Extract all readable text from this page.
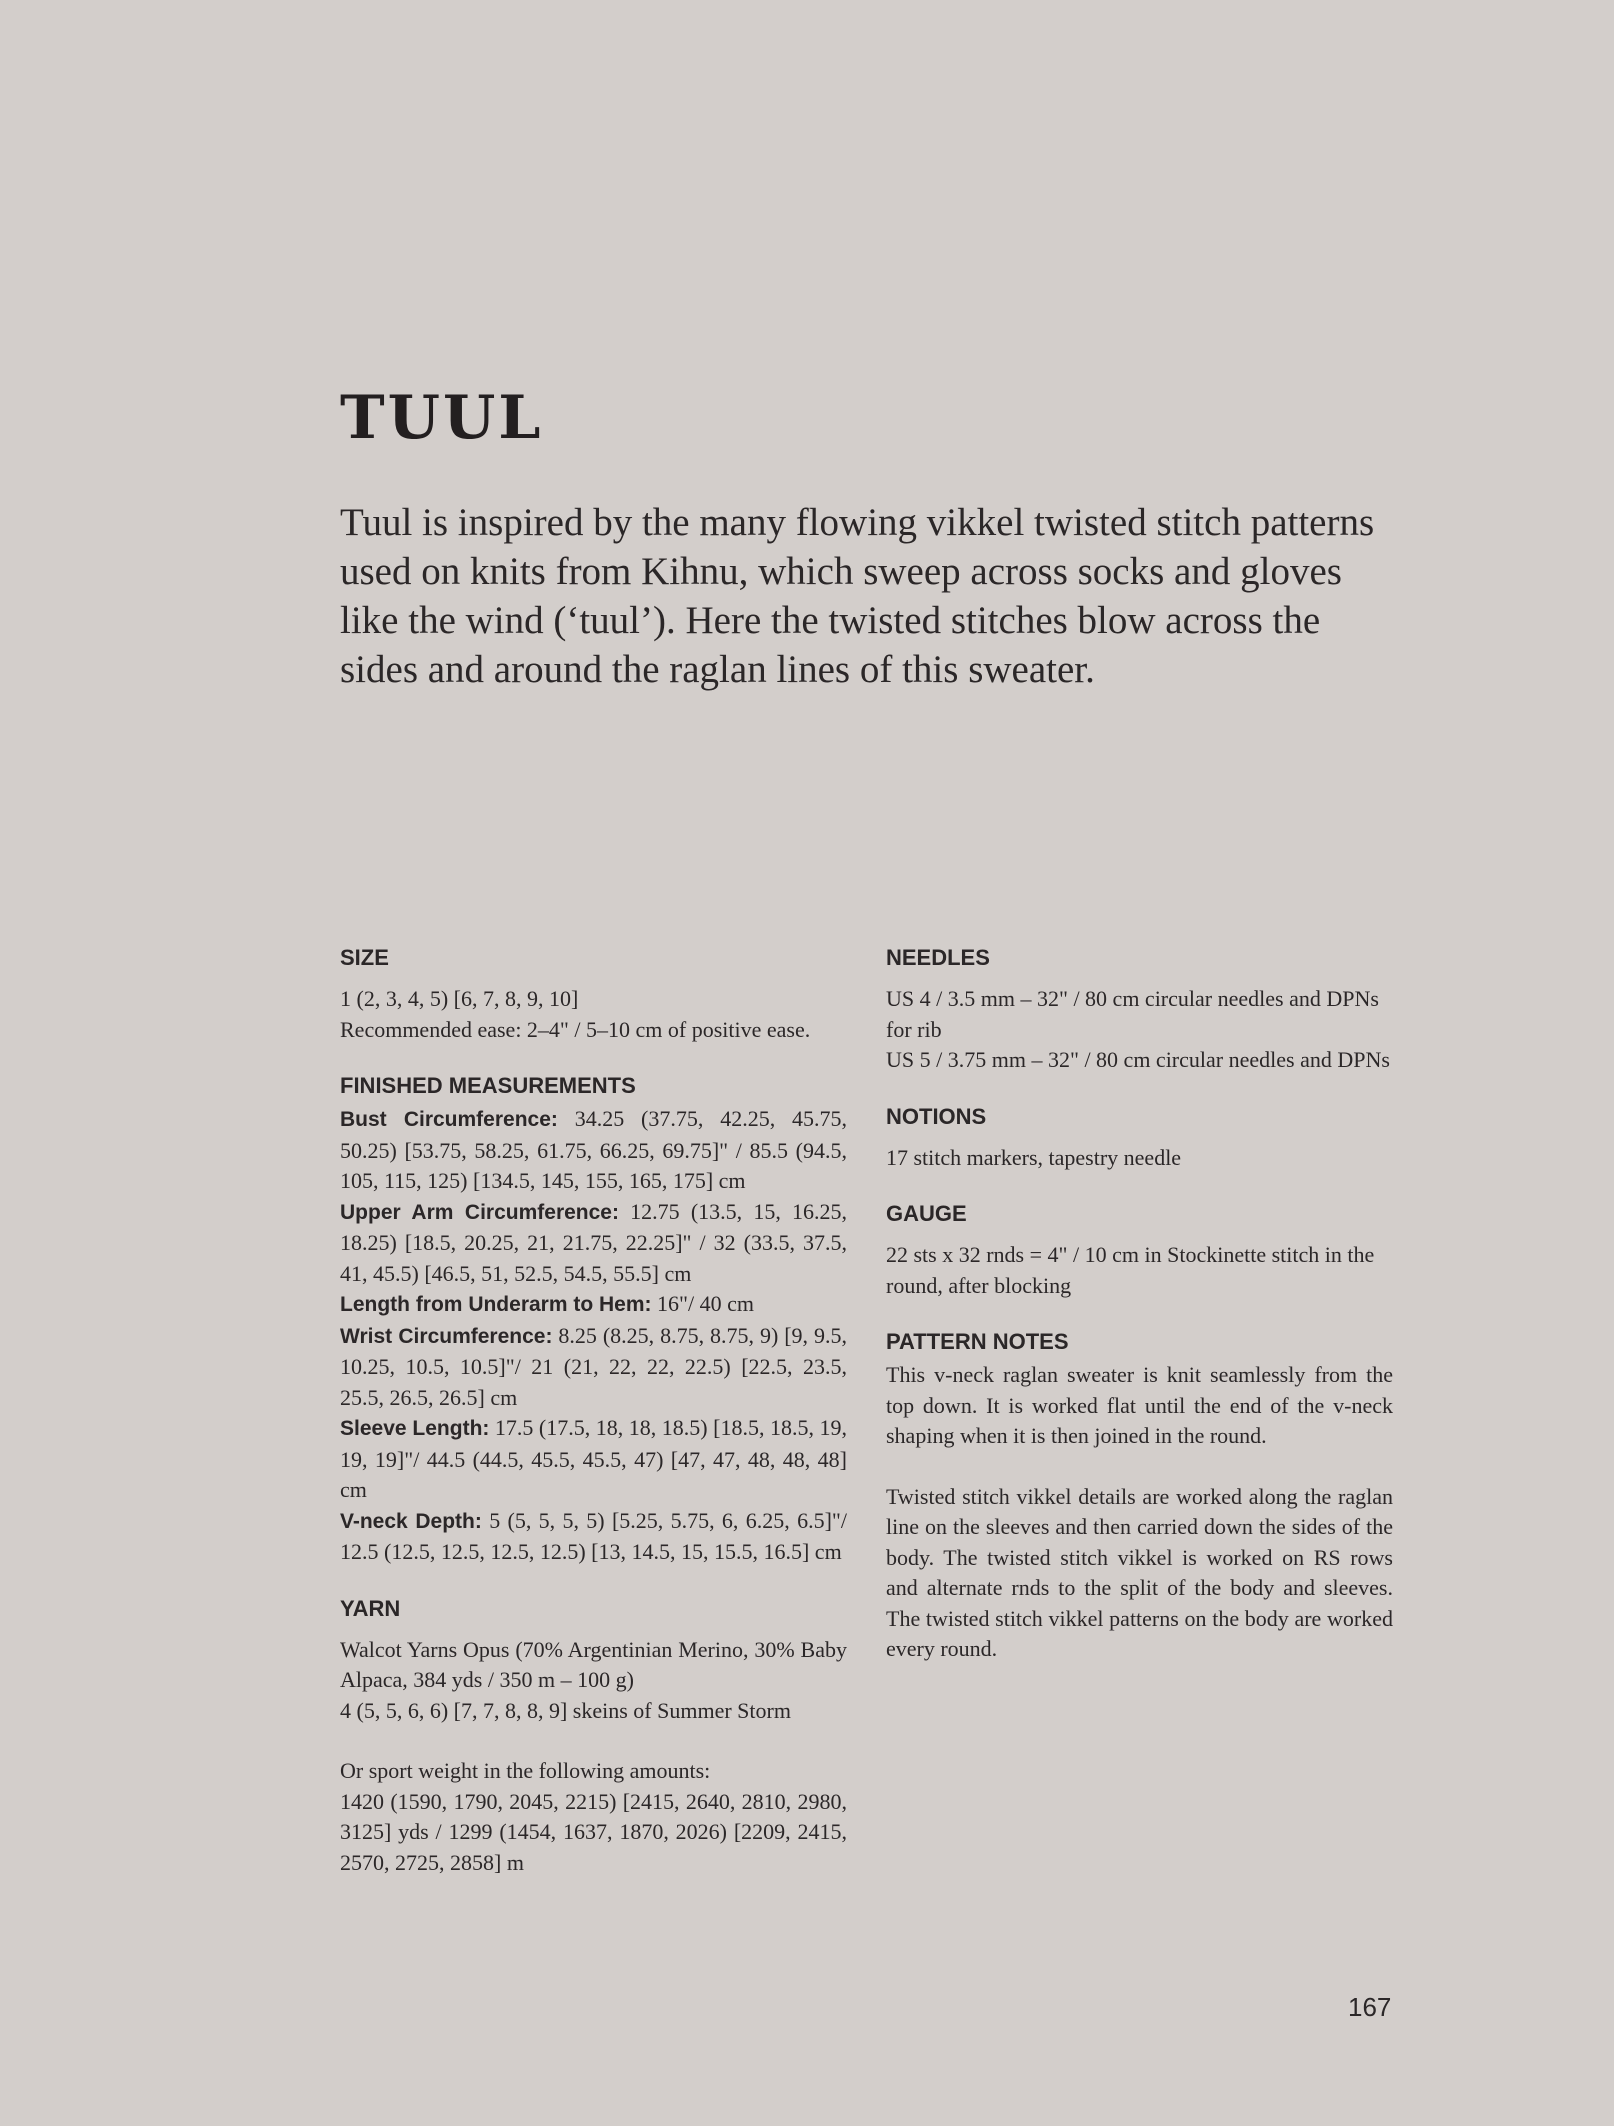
TUUL

Tuul is inspired by the many flowing vikkel twisted stitch patterns used on knits from Kihnu, which sweep across socks and gloves like the wind (‘tuul’). Here the twisted stitches blow across the sides and around the raglan lines of this sweater.

SIZE

1 (2, 3, 4, 5) [6, 7, 8, 9, 10]

Recommended ease: 2–4" / 5–10 cm of positive ease.

FINISHED MEASUREMENTS

Bust Circumference: 34.25 (37.75, 42.25, 45.75, 50.25) [53.75, 58.25, 61.75, 66.25, 69.75]" / 85.5 (94.5, 105, 115, 125) [134.5, 145, 155, 165, 175] cm

Upper Arm Circumference: 12.75 (13.5, 15, 16.25, 18.25) [18.5, 20.25, 21, 21.75, 22.25]" / 32 (33.5, 37.5, 41, 45.5) [46.5, 51, 52.5, 54.5, 55.5] cm

Length from Underarm to Hem: 16"/ 40 cm

Wrist Circumference: 8.25 (8.25, 8.75, 8.75, 9) [9, 9.5, 10.25, 10.5, 10.5]"/ 21 (21, 22, 22, 22.5) [22.5, 23.5, 25.5, 26.5, 26.5] cm

Sleeve Length: 17.5 (17.5, 18, 18, 18.5) [18.5, 18.5, 19, 19, 19]"/ 44.5 (44.5, 45.5, 45.5, 47) [47, 47, 48, 48, 48] cm

V-neck Depth: 5 (5, 5, 5, 5) [5.25, 5.75, 6, 6.25, 6.5]"/ 12.5 (12.5, 12.5, 12.5, 12.5) [13, 14.5, 15, 15.5, 16.5] cm

YARN

Walcot Yarns Opus (70% Argentinian Merino, 30% Baby Alpaca, 384 yds / 350 m – 100 g)

4 (5, 5, 6, 6) [7, 7, 8, 8, 9] skeins of Summer Storm

Or sport weight in the following amounts:

1420 (1590, 1790, 2045, 2215) [2415, 2640, 2810, 2980, 3125] yds / 1299 (1454, 1637, 1870, 2026) [2209, 2415, 2570, 2725, 2858] m

NEEDLES

US 4 / 3.5 mm – 32" / 80 cm circular needles and DPNs for rib

US 5 / 3.75 mm – 32" / 80 cm circular needles and DPNs

NOTIONS

17 stitch markers, tapestry needle

GAUGE

22 sts x 32 rnds = 4" / 10 cm in Stockinette stitch in the round, after blocking

PATTERN NOTES

This v-neck raglan sweater is knit seamlessly from the top down. It is worked flat until the end of the v-neck shaping when it is then joined in the round.

Twisted stitch vikkel details are worked along the raglan line on the sleeves and then carried down the sides of the body. The twisted stitch vikkel is worked on RS rows and alternate rnds to the split of the body and sleeves. The twisted stitch vikkel patterns on the body are worked every round.

167
